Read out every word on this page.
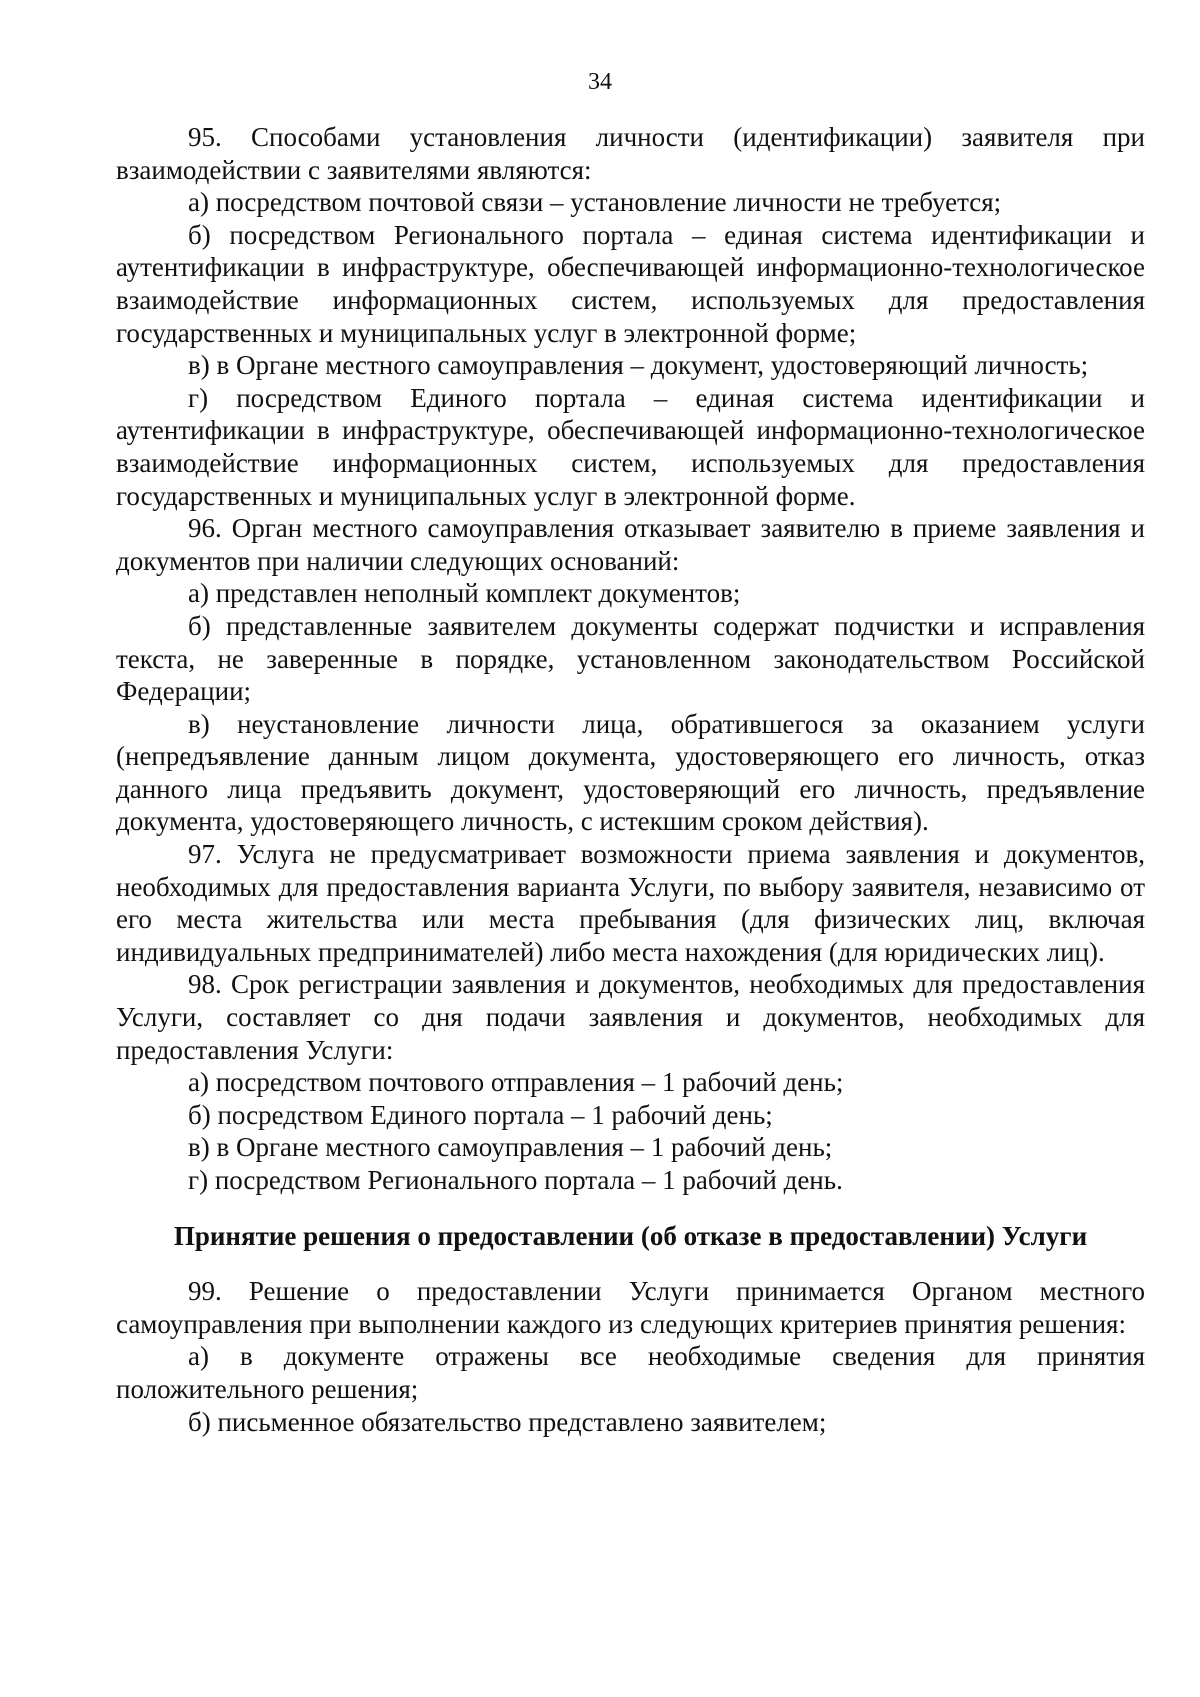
34

95. Способами установления личности (идентификации) заявителя при взаимодействии с заявителями являются:

а) посредством почтовой связи – установление личности не требуется;

б) посредством Регионального портала – единая система идентификации и аутентификации в инфраструктуре, обеспечивающей информационно-технологическое взаимодействие информационных систем, используемых для предоставления государственных и муниципальных услуг в электронной форме;

в) в Органе местного самоуправления – документ, удостоверяющий личность;

г) посредством Единого портала – единая система идентификации и аутентификации в инфраструктуре, обеспечивающей информационно-технологическое взаимодействие информационных систем, используемых для предоставления государственных и муниципальных услуг в электронной форме.

96. Орган местного самоуправления отказывает заявителю в приеме заявления и документов при наличии следующих оснований:

а) представлен неполный комплект документов;

б) представленные заявителем документы содержат подчистки и исправления текста, не заверенные в порядке, установленном законодательством Российской Федерации;

в) неустановление личности лица, обратившегося за оказанием услуги (непредъявление данным лицом документа, удостоверяющего его личность, отказ данного лица предъявить документ, удостоверяющий его личность, предъявление документа, удостоверяющего личность, с истекшим сроком действия).

97. Услуга не предусматривает возможности приема заявления и документов, необходимых для предоставления варианта Услуги, по выбору заявителя, независимо от его места жительства или места пребывания (для физических лиц, включая индивидуальных предпринимателей) либо места нахождения (для юридических лиц).

98. Срок регистрации заявления и документов, необходимых для предоставления Услуги, составляет со дня подачи заявления и документов, необходимых для предоставления Услуги:

а) посредством почтового отправления – 1 рабочий день;

б) посредством Единого портала – 1 рабочий день;

в) в Органе местного самоуправления – 1 рабочий день;

г) посредством Регионального портала – 1 рабочий день.

Принятие решения о предоставлении (об отказе в предоставлении) Услуги

99. Решение о предоставлении Услуги принимается Органом местного самоуправления при выполнении каждого из следующих критериев принятия решения:

а) в документе отражены все необходимые сведения для принятия положительного решения;

б) письменное обязательство представлено заявителем;
